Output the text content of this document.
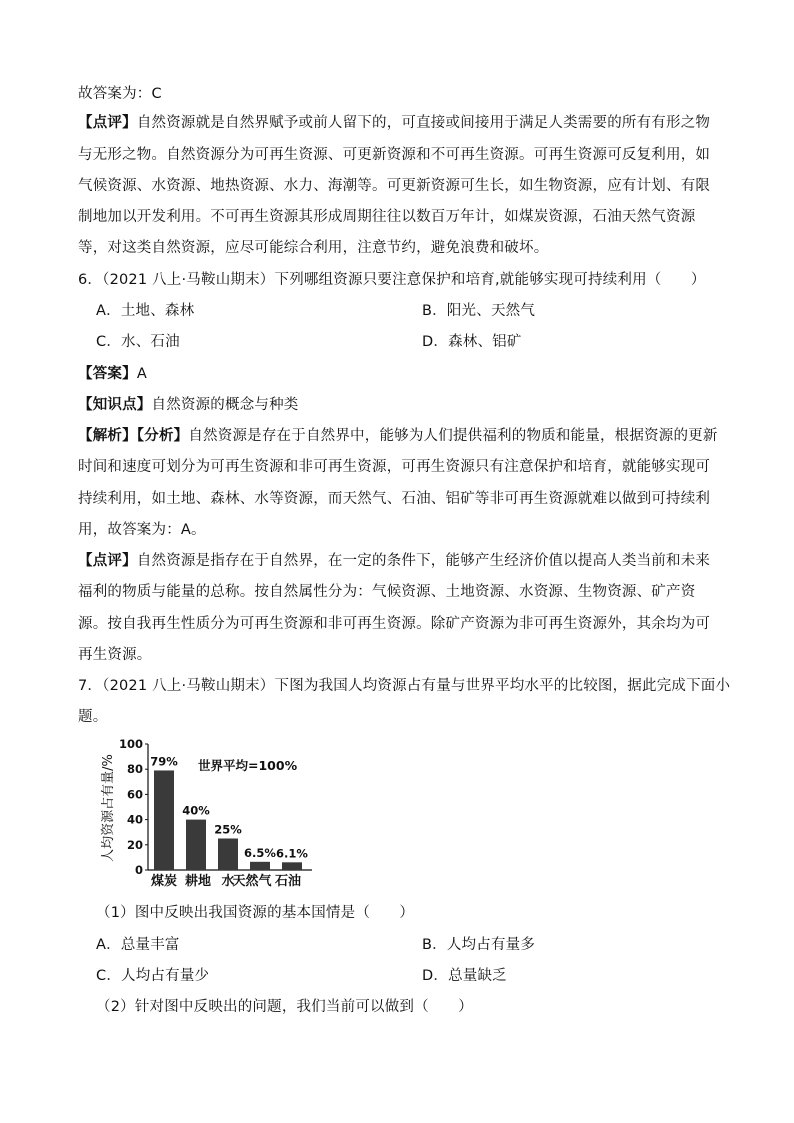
故答案为：C
【点评】自然资源就是自然界赋予或前人留下的，可直接或间接用于满足人类需要的所有有形之物
与无形之物。自然资源分为可再生资源、可更新资源和不可再生资源。可再生资源可反复利用，如
气候资源、水资源、地热资源、水力、海潮等。可更新资源可生长，如生物资源，应有计划、有限
制地加以开发利用。不可再生资源其形成周期往往以数百万年计，如煤炭资源，石油天然气资源
等，对这类自然资源，应尽可能综合利用，注意节约，避免浪费和破坏。
6．（2021 八上·马鞍山期末）下列哪组资源只要注意保护和培育,就能够实现可持续利用（　　）
A．土地、森林	B．阳光、天然气
C．水、石油	D．森林、铝矿
【答案】A
【知识点】自然资源的概念与种类
【解析】【分析】自然资源是存在于自然界中，能够为人们提供福利的物质和能量，根据资源的更新
时间和速度可划分为可再生资源和非可再生资源，可再生资源只有注意保护和培育，就能够实现可
持续利用，如土地、森林、水等资源，而天然气、石油、铝矿等非可再生资源就难以做到可持续利
用，故答案为：A。
【点评】自然资源是指存在于自然界，在一定的条件下，能够产生经济价值以提高人类当前和未来
福利的物质与能量的总称。按自然属性分为：气候资源、土地资源、水资源、生物资源、矿产资
源。按自我再生性质分为可再生资源和非可再生资源。除矿产资源为非可再生资源外，其余均为可
再生资源。
7．（2021 八上·马鞍山期末）下图为我国人均资源占有量与世界平均水平的比较图，据此完成下面小
题。
人均资源占有量/%
100
80
60
40
20
0
世界平均=100%
79%
40%
25%
6.5% 6.1%
煤炭 耕地 水
天然气 石油
（1）图中反映出我国资源的基本国情是（　　）
A．总量丰富	B．人均占有量多
C．人均占有量少	D．总量缺乏
（2）针对图中反映出的问题，我们当前可以做到（　　）
